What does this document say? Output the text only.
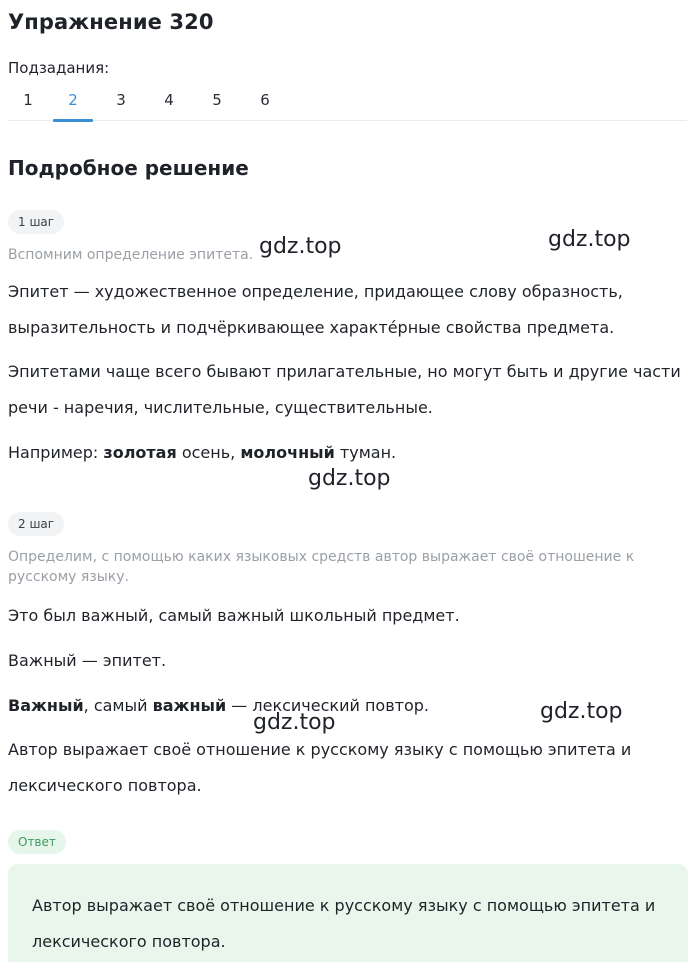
Упражнение 320
Подзадания:
1	2	3	4	5	6
Подробное решение
1 шаг
Вспомним определение эпитета.
Эпитет — художественное определение, придающее слову образность, выразительность и подчёркивающее характе́рные свойства предмета.
Эпитетами чаще всего бывают прилагательные, но могут быть и другие части речи - наречия, числительные, существительные.
Например: золотая осень, молочный туман.
2 шаг
Определим, с помощью каких языковых средств автор выражает своё отношение к русскому языку.
Это был важный, самый важный школьный предмет.
Важный — эпитет.
Важный, самый важный — лексический повтор.
Автор выражает своё отношение к русскому языку с помощью эпитета и лексического повтора.
Ответ
Автор выражает своё отношение к русскому языку с помощью эпитета и лексического повтора.
gdz.top	gdz.top
gdz.top
gdz.top	gdz.top
